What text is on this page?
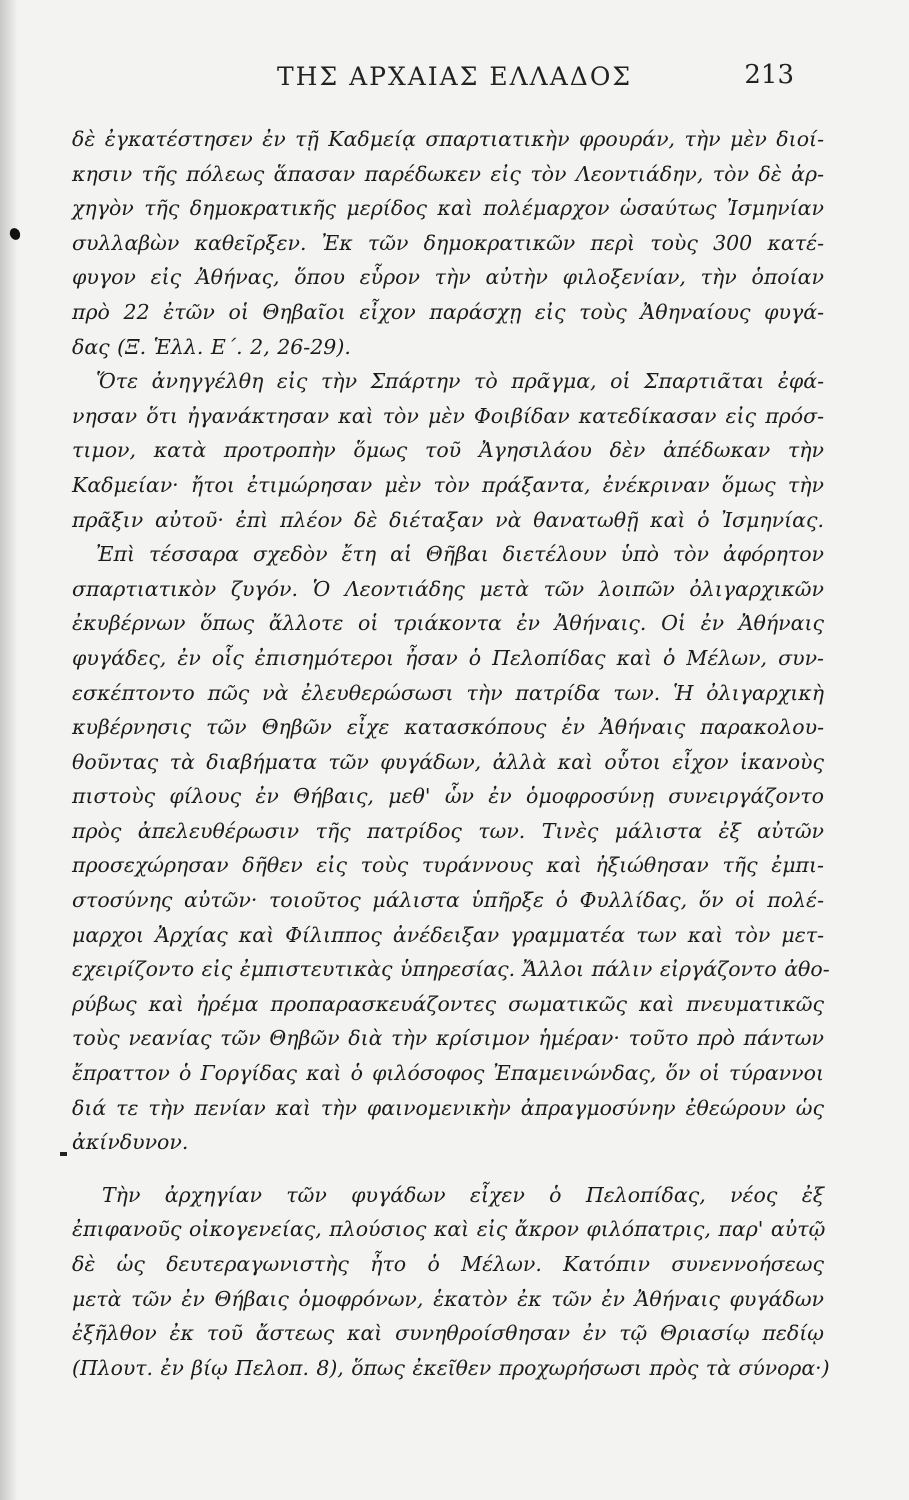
ΤΗΣ ΑΡΧΑΙΑΣ ΕΛΛΑΔΟΣ	213
δὲ ἐγκατέστησεν ἐν τῇ Καδμείᾳ σπαρτιατικὴν φρουράν, τὴν μὲν διοί-
κησιν τῆς πόλεως ἅπασαν παρέδωκεν εἰς τὸν Λεοντιάδην, τὸν δὲ ἀρ-
χηγὸν τῆς δημοκρατικῆς μερίδος καὶ πολέμαρχον ὡσαύτως Ἰσμηνίαν
συλλαβὼν καθεῖρξεν. Ἐκ τῶν δημοκρατικῶν περὶ τοὺς 300 κατέ-
φυγον εἰς Ἀθήνας, ὅπου εὗρον τὴν αὐτὴν φιλοξενίαν, τὴν ὁποίαν
πρὸ 22 ἐτῶν οἱ Θηβαῖοι εἶχον παράσχῃ εἰς τοὺς Ἀθηναίους φυγά-
δας (Ξ. Ἑλλ. Ε΄. 2, 26-29).
Ὅτε ἀνηγγέλθη εἰς τὴν Σπάρτην τὸ πρᾶγμα, οἱ Σπαρτιᾶται ἐφά-
νησαν ὅτι ἠγανάκτησαν καὶ τὸν μὲν Φοιβίδαν κατεδίκασαν εἰς πρόσ-
τιμον, κατὰ προτροπὴν ὅμως τοῦ Ἀγησιλάου δὲν ἀπέδωκαν τὴν
Καδμείαν· ἤτοι ἐτιμώρησαν μὲν τὸν πράξαντα, ἐνέκριναν ὅμως τὴν
πρᾶξιν αὐτοῦ· ἐπὶ πλέον δὲ διέταξαν νὰ θανατωθῇ καὶ ὁ Ἰσμηνίας.
Ἐπὶ τέσσαρα σχεδὸν ἔτη αἱ Θῆβαι διετέλουν ὑπὸ τὸν ἀφόρητον
σπαρτιατικὸν ζυγόν. Ὁ Λεοντιάδης μετὰ τῶν λοιπῶν ὀλιγαρχικῶν
ἐκυβέρνων ὅπως ἄλλοτε οἱ τριάκοντα ἐν Ἀθήναις. Οἱ ἐν Ἀθήναις
φυγάδες, ἐν οἷς ἐπισημότεροι ἦσαν ὁ Πελοπίδας καὶ ὁ Μέλων, συν-
εσκέπτοντο πῶς νὰ ἐλευθερώσωσι τὴν πατρίδα των. Ἡ ὀλιγαρχικὴ
κυβέρνησις τῶν Θηβῶν εἶχε κατασκόπους ἐν Ἀθήναις παρακολου-
θοῦντας τὰ διαβήματα τῶν φυγάδων, ἀλλὰ καὶ οὗτοι εἶχον ἱκανοὺς
πιστοὺς φίλους ἐν Θήβαις, μεθ' ὧν ἐν ὁμοφροσύνῃ συνειργάζοντο
πρὸς ἀπελευθέρωσιν τῆς πατρίδος των. Τινὲς μάλιστα ἐξ αὐτῶν
προσεχώρησαν δῆθεν εἰς τοὺς τυράννους καὶ ἠξιώθησαν τῆς ἐμπι-
στοσύνης αὐτῶν· τοιοῦτος μάλιστα ὑπῆρξε ὁ Φυλλίδας, ὅν οἱ πολέ-
μαρχοι Ἀρχίας καὶ Φίλιππος ἀνέδειξαν γραμματέα των καὶ τὸν μετ-
εχειρίζοντο εἰς ἐμπιστευτικὰς ὑπηρεσίας. Ἄλλοι πάλιν εἰργάζοντο ἀθο-
ρύβως καὶ ἠρέμα προπαρασκευάζοντες σωματικῶς καὶ πνευματικῶς
τοὺς νεανίας τῶν Θηβῶν διὰ τὴν κρίσιμον ἡμέραν· τοῦτο πρὸ πάντων
ἔπραττον ὁ Γοργίδας καὶ ὁ φιλόσοφος Ἐπαμεινώνδας, ὅν οἱ τύραννοι
διά τε τὴν πενίαν καὶ τὴν φαινομενικὴν ἀπραγμοσύνην ἐθεώρουν ὡς
ἀκίνδυνον.
Τὴν ἀρχηγίαν τῶν φυγάδων εἶχεν ὁ Πελοπίδας, νέος ἐξ
ἐπιφανοῦς οἰκογενείας, πλούσιος καὶ εἰς ἄκρον φιλόπατρις, παρ' αὐτῷ
δὲ ὡς δευτεραγωνιστὴς ἦτο ὁ Μέλων. Κατόπιν συνεννοήσεως
μετὰ τῶν ἐν Θήβαις ὁμοφρόνων, ἑκατὸν ἐκ τῶν ἐν Ἀθήναις φυγάδων
ἐξῆλθον ἐκ τοῦ ἄστεως καὶ συνηθροίσθησαν ἐν τῷ Θριασίῳ πεδίῳ
(Πλουτ. ἐν βίῳ Πελοπ. 8), ὅπως ἐκεῖθεν προχωρήσωσι πρὸς τὰ σύνορα·)
